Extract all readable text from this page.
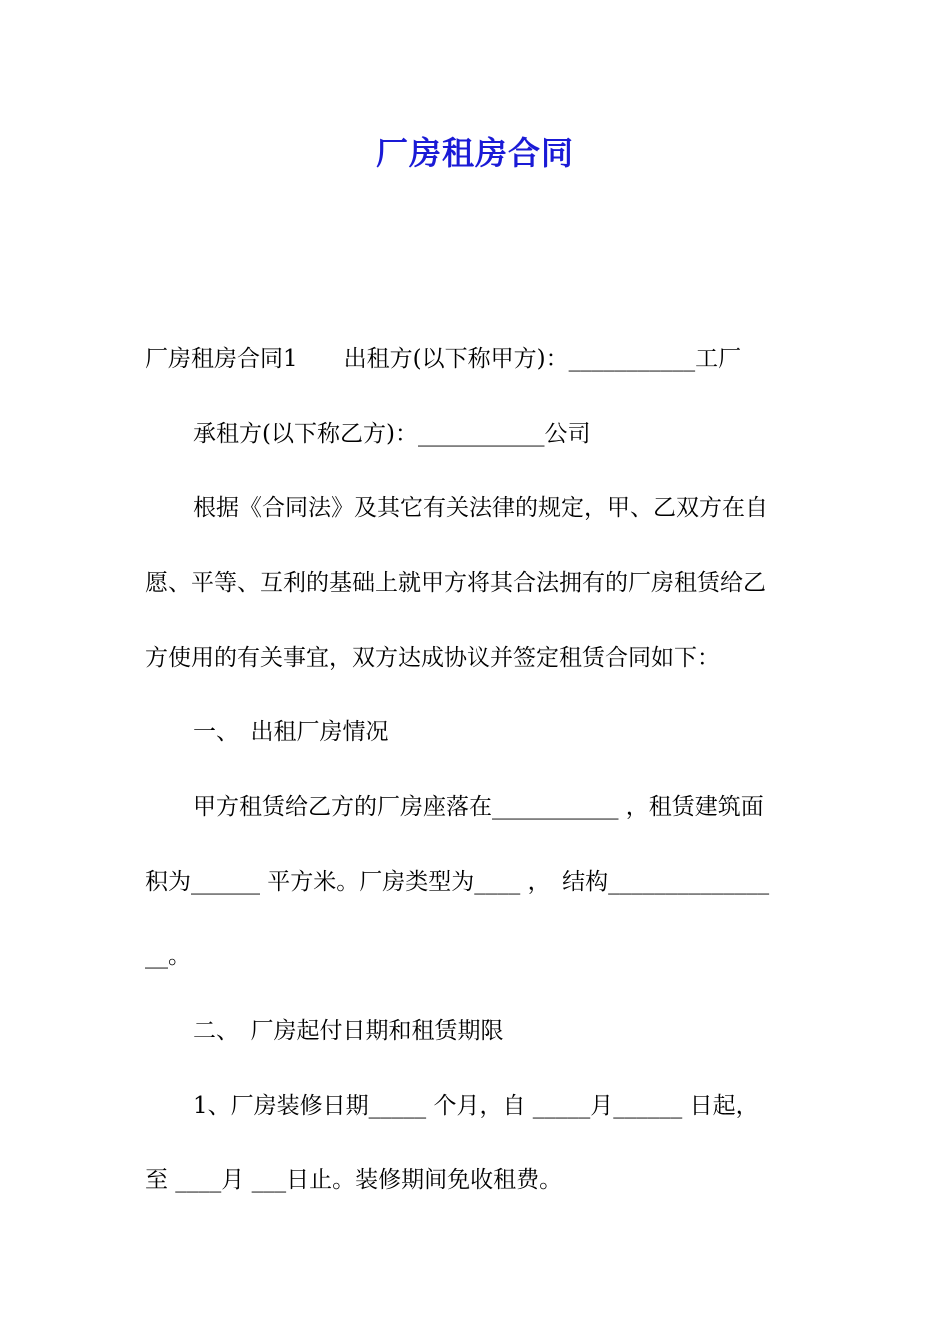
厂房租房合同
厂房租房合同1　　出租方(以下称甲方)：___________工厂
承租方(以下称乙方)：___________公司
根据《合同法》及其它有关法律的规定，甲、乙双方在自
愿、平等、互利的基础上就甲方将其合法拥有的厂房租赁给乙
方使用的有关事宜，双方达成协议并签定租赁合同如下：
一、　出租厂房情况
甲方租赁给乙方的厂房座落在___________ ，租赁建筑面
积为______ 平方米。厂房类型为____ ，　结构______________
__。
二、　厂房起付日期和租赁期限
1、厂房装修日期_____ 个月，自 _____月______ 日起，
至 ____月 ___日止。装修期间免收租费。
